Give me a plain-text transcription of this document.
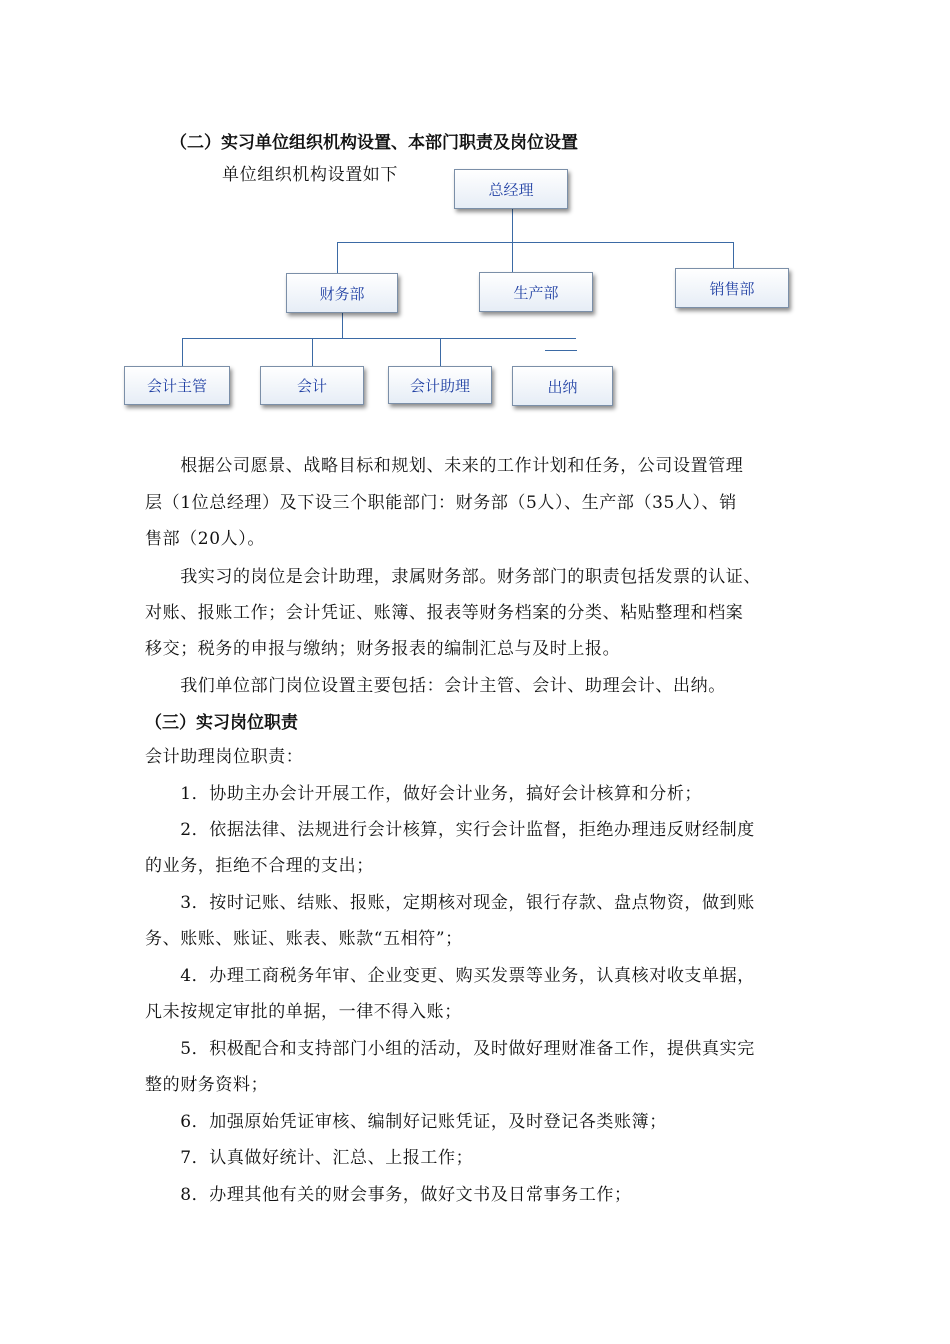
（二）实习单位组织机构设置、本部门职责及岗位设置
单位组织机构设置如下
总经理
财务部	生产部	销售部
会计主管	会计	会计助理	出纳
　　根据公司愿景、战略目标和规划、未来的工作计划和任务，公司设置管理
层（1位总经理）及下设三个职能部门：财务部（5人）、生产部（35人）、销
售部（20人）。
　　我实习的岗位是会计助理，隶属财务部。财务部门的职责包括发票的认证、
对账、报账工作；会计凭证、账簿、报表等财务档案的分类、粘贴整理和档案
移交；税务的申报与缴纳；财务报表的编制汇总与及时上报。
　　我们单位部门岗位设置主要包括：会计主管、会计、助理会计、出纳。
（三）实习岗位职责
会计助理岗位职责：
　　1．协助主办会计开展工作，做好会计业务，搞好会计核算和分析；
　　2．依据法律、法规进行会计核算，实行会计监督，拒绝办理违反财经制度
的业务，拒绝不合理的支出；
　　3．按时记账、结账、报账，定期核对现金，银行存款、盘点物资，做到账
务、账账、账证、账表、账款“五相符”；
　　4．办理工商税务年审、企业变更、购买发票等业务，认真核对收支单据，
凡未按规定审批的单据，一律不得入账；
　　5．积极配合和支持部门小组的活动，及时做好理财准备工作，提供真实完
整的财务资料；
　　6．加强原始凭证审核、编制好记账凭证，及时登记各类账簿；
　　7．认真做好统计、汇总、上报工作；
　　8．办理其他有关的财会事务，做好文书及日常事务工作；
